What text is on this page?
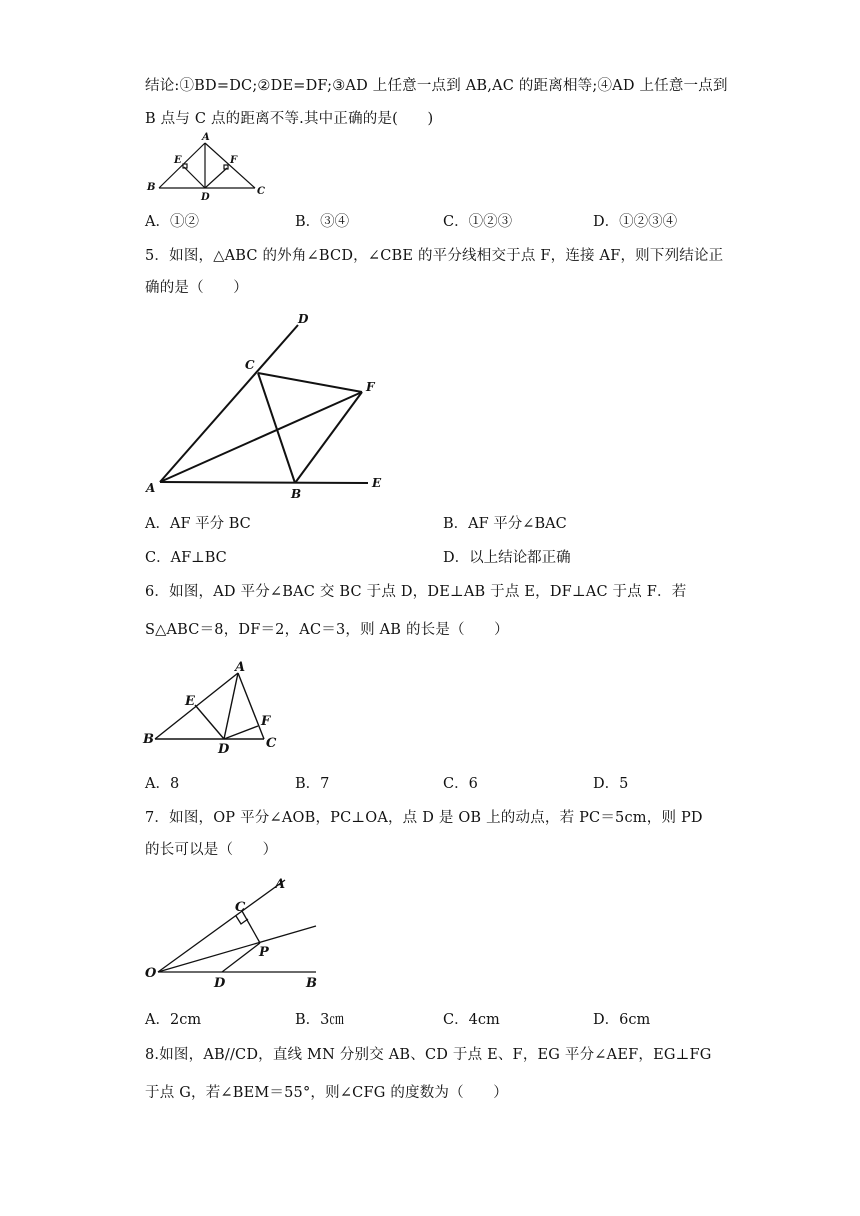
结论:①BD=DC;②DE=DF;③AD 上任意一点到 AB,AC 的距离相等;④AD 上任意一点到
B 点与 C 点的距离不等.其中正确的是(　　)
A
B	C
D
E	F
A．①②	B．③④	C．①②③	D．①②③④
5．如图，△ABC 的外角∠BCD，∠CBE 的平分线相交于点 F，连接 AF，则下列结论正
确的是（　　）
D
C
F
A	B
E
A．AF 平分 BC	B．AF 平分∠BAC
C．AF⊥BC	D．以上结论都正确
6．如图，AD 平分∠BAC 交 BC 于点 D，DE⊥AB 于点 E，DF⊥AC 于点 F．若
S△ABC＝8，DF＝2，AC＝3，则 AB 的长是（　　）
A
B	C
D
E
F
A．8	B．7	C．6	D．5
7．如图，OP 平分∠AOB，PC⊥OA，点 D 是 OB 上的动点，若 PC＝5cm，则 PD
的长可以是（　　）
A
C
P
O
D	B
A．2cm	B．3㎝	C．4cm	D．6cm
8.如图，AB//CD，直线 MN 分别交 AB、CD 于点 E、F，EG 平分∠AEF，EG⊥FG
于点 G，若∠BEM＝55°，则∠CFG 的度数为（　　）
